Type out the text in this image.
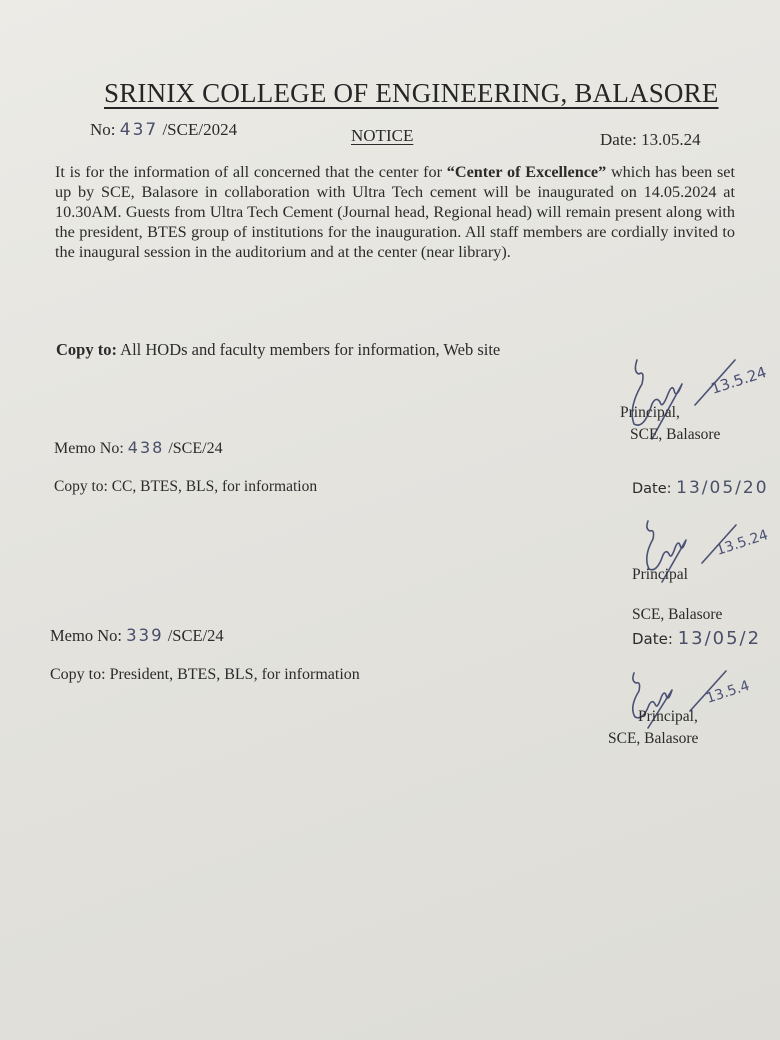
SRINIX COLLEGE OF ENGINEERING, BALASORE
No: 437 /SCE/2024	NOTICE	Date: 13.05.24
It is for the information of all concerned that the center for “Center of Excellence” which has been set up by SCE, Balasore in collaboration with Ultra Tech cement will be inaugurated on 14.05.2024 at 10.30AM. Guests from Ultra Tech Cement (Journal head, Regional head) will remain present along with the president, BTES group of institutions for the inauguration. All staff members are cordially invited to the inaugural session in the auditorium and at the center (near library).
Copy to: All HODs and faculty members for information, Web site
13.5.24
Principal,
SCE, Balasore
Memo No: 438 /SCE/24
Copy to: CC, BTES, BLS, for information	Date: 13/05/20
13.5.24
Principal
SCE, Balasore
Memo No: 339 /SCE/24
Copy to: President, BTES, BLS, for information
Date: 13/05/2
13.5.4
Principal,
SCE, Balasore
